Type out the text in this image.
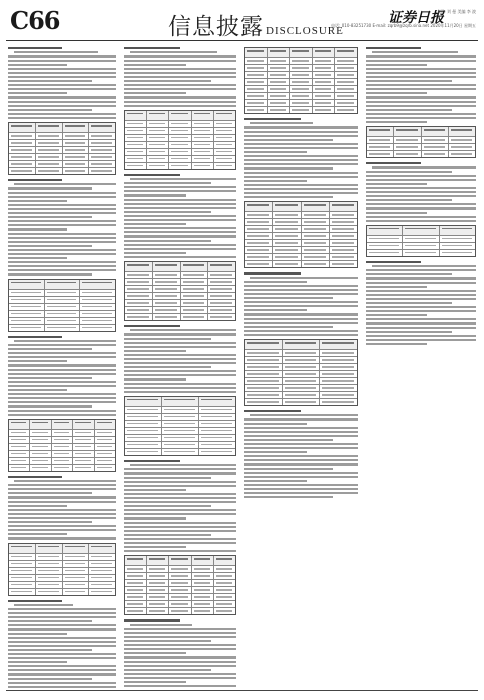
C66	信息披露 DISCLOSURE
证券日报
制作 刘 曼 美编 李 波
电话: 010-83251730 E-mail: zqrb9@zqrb.sina.net 2020年11月20日 星期五
